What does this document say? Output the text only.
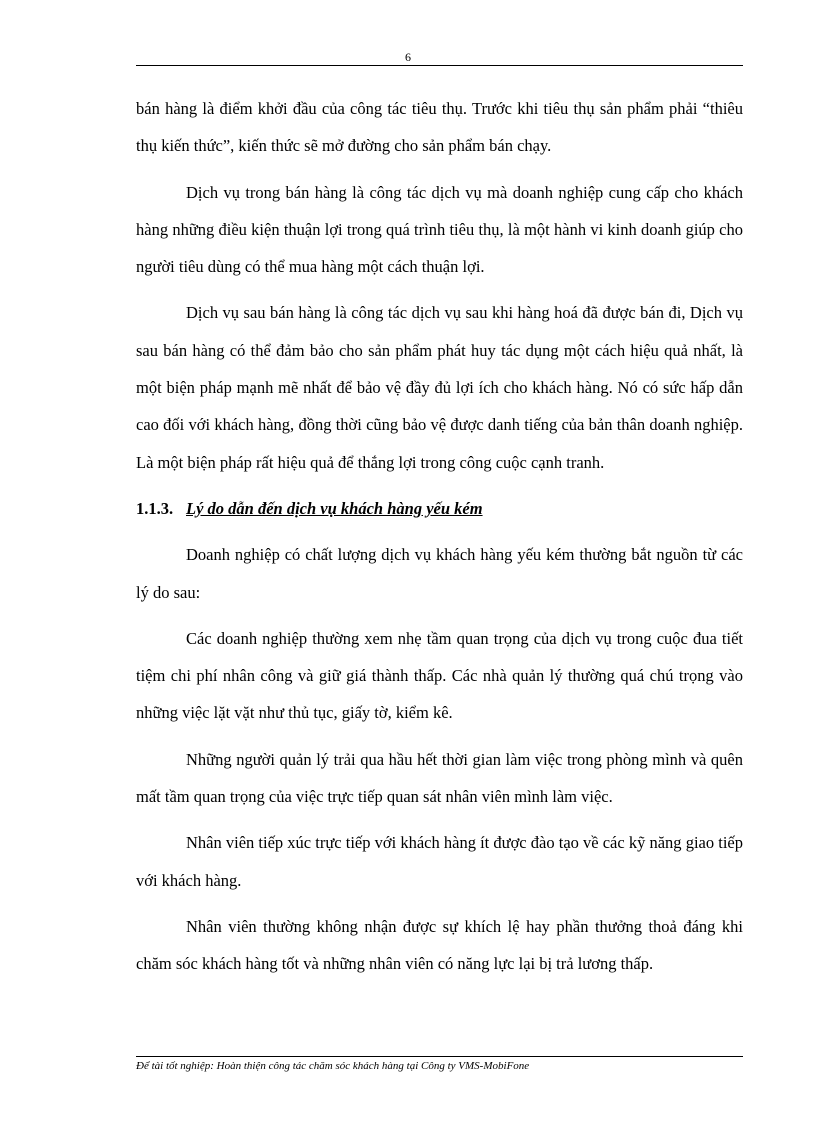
6

bán hàng là điểm khởi đầu của công tác tiêu thụ. Trước khi tiêu thụ sản phẩm phải “thiêu thụ kiến thức”, kiến thức sẽ mở đường cho sản phẩm bán chạy.

Dịch vụ trong bán hàng là công tác dịch vụ mà doanh nghiệp cung cấp cho khách hàng những điều kiện thuận lợi trong quá trình tiêu thụ, là một hành vi kinh doanh giúp cho người tiêu dùng có thể mua hàng một cách thuận lợi.

Dịch vụ sau bán hàng là công tác dịch vụ sau khi hàng hoá đã được bán đi, Dịch vụ sau bán hàng có thể đảm bảo cho sản phẩm phát huy tác dụng một cách hiệu quả nhất, là một biện pháp mạnh mẽ nhất để bảo vệ đầy đủ lợi ích cho khách hàng. Nó có sức hấp dẫn cao đối với khách hàng, đồng thời cũng bảo vệ được danh tiếng của bản thân doanh nghiệp. Là một biện pháp rất hiệu quả để thắng lợi trong công cuộc cạnh tranh.

1.1.3. Lý do dẫn đến dịch vụ khách hàng yếu kém

Doanh nghiệp có chất lượng dịch vụ khách hàng yếu kém thường bắt nguồn từ các lý do sau:

Các doanh nghiệp thường xem nhẹ tầm quan trọng của dịch vụ trong cuộc đua tiết tiệm chi phí nhân công và giữ giá thành thấp. Các nhà quản lý thường quá chú trọng vào những việc lặt vặt như thủ tục, giấy tờ, kiểm kê.

Những người quản lý trải qua hầu hết thời gian làm việc trong phòng mình và quên mất tầm quan trọng của việc trực tiếp quan sát nhân viên mình làm việc.

Nhân viên tiếp xúc trực tiếp với khách hàng ít được đào tạo về các kỹ năng giao tiếp với khách hàng.

Nhân viên thường không nhận được sự khích lệ hay phần thưởng thoả đáng khi chăm sóc khách hàng tốt và những nhân viên có năng lực lại bị trả lương thấp.

Để tài tốt nghiệp: Hoàn thiện công tác chăm sóc khách hàng tại Công ty VMS-MobiFone
